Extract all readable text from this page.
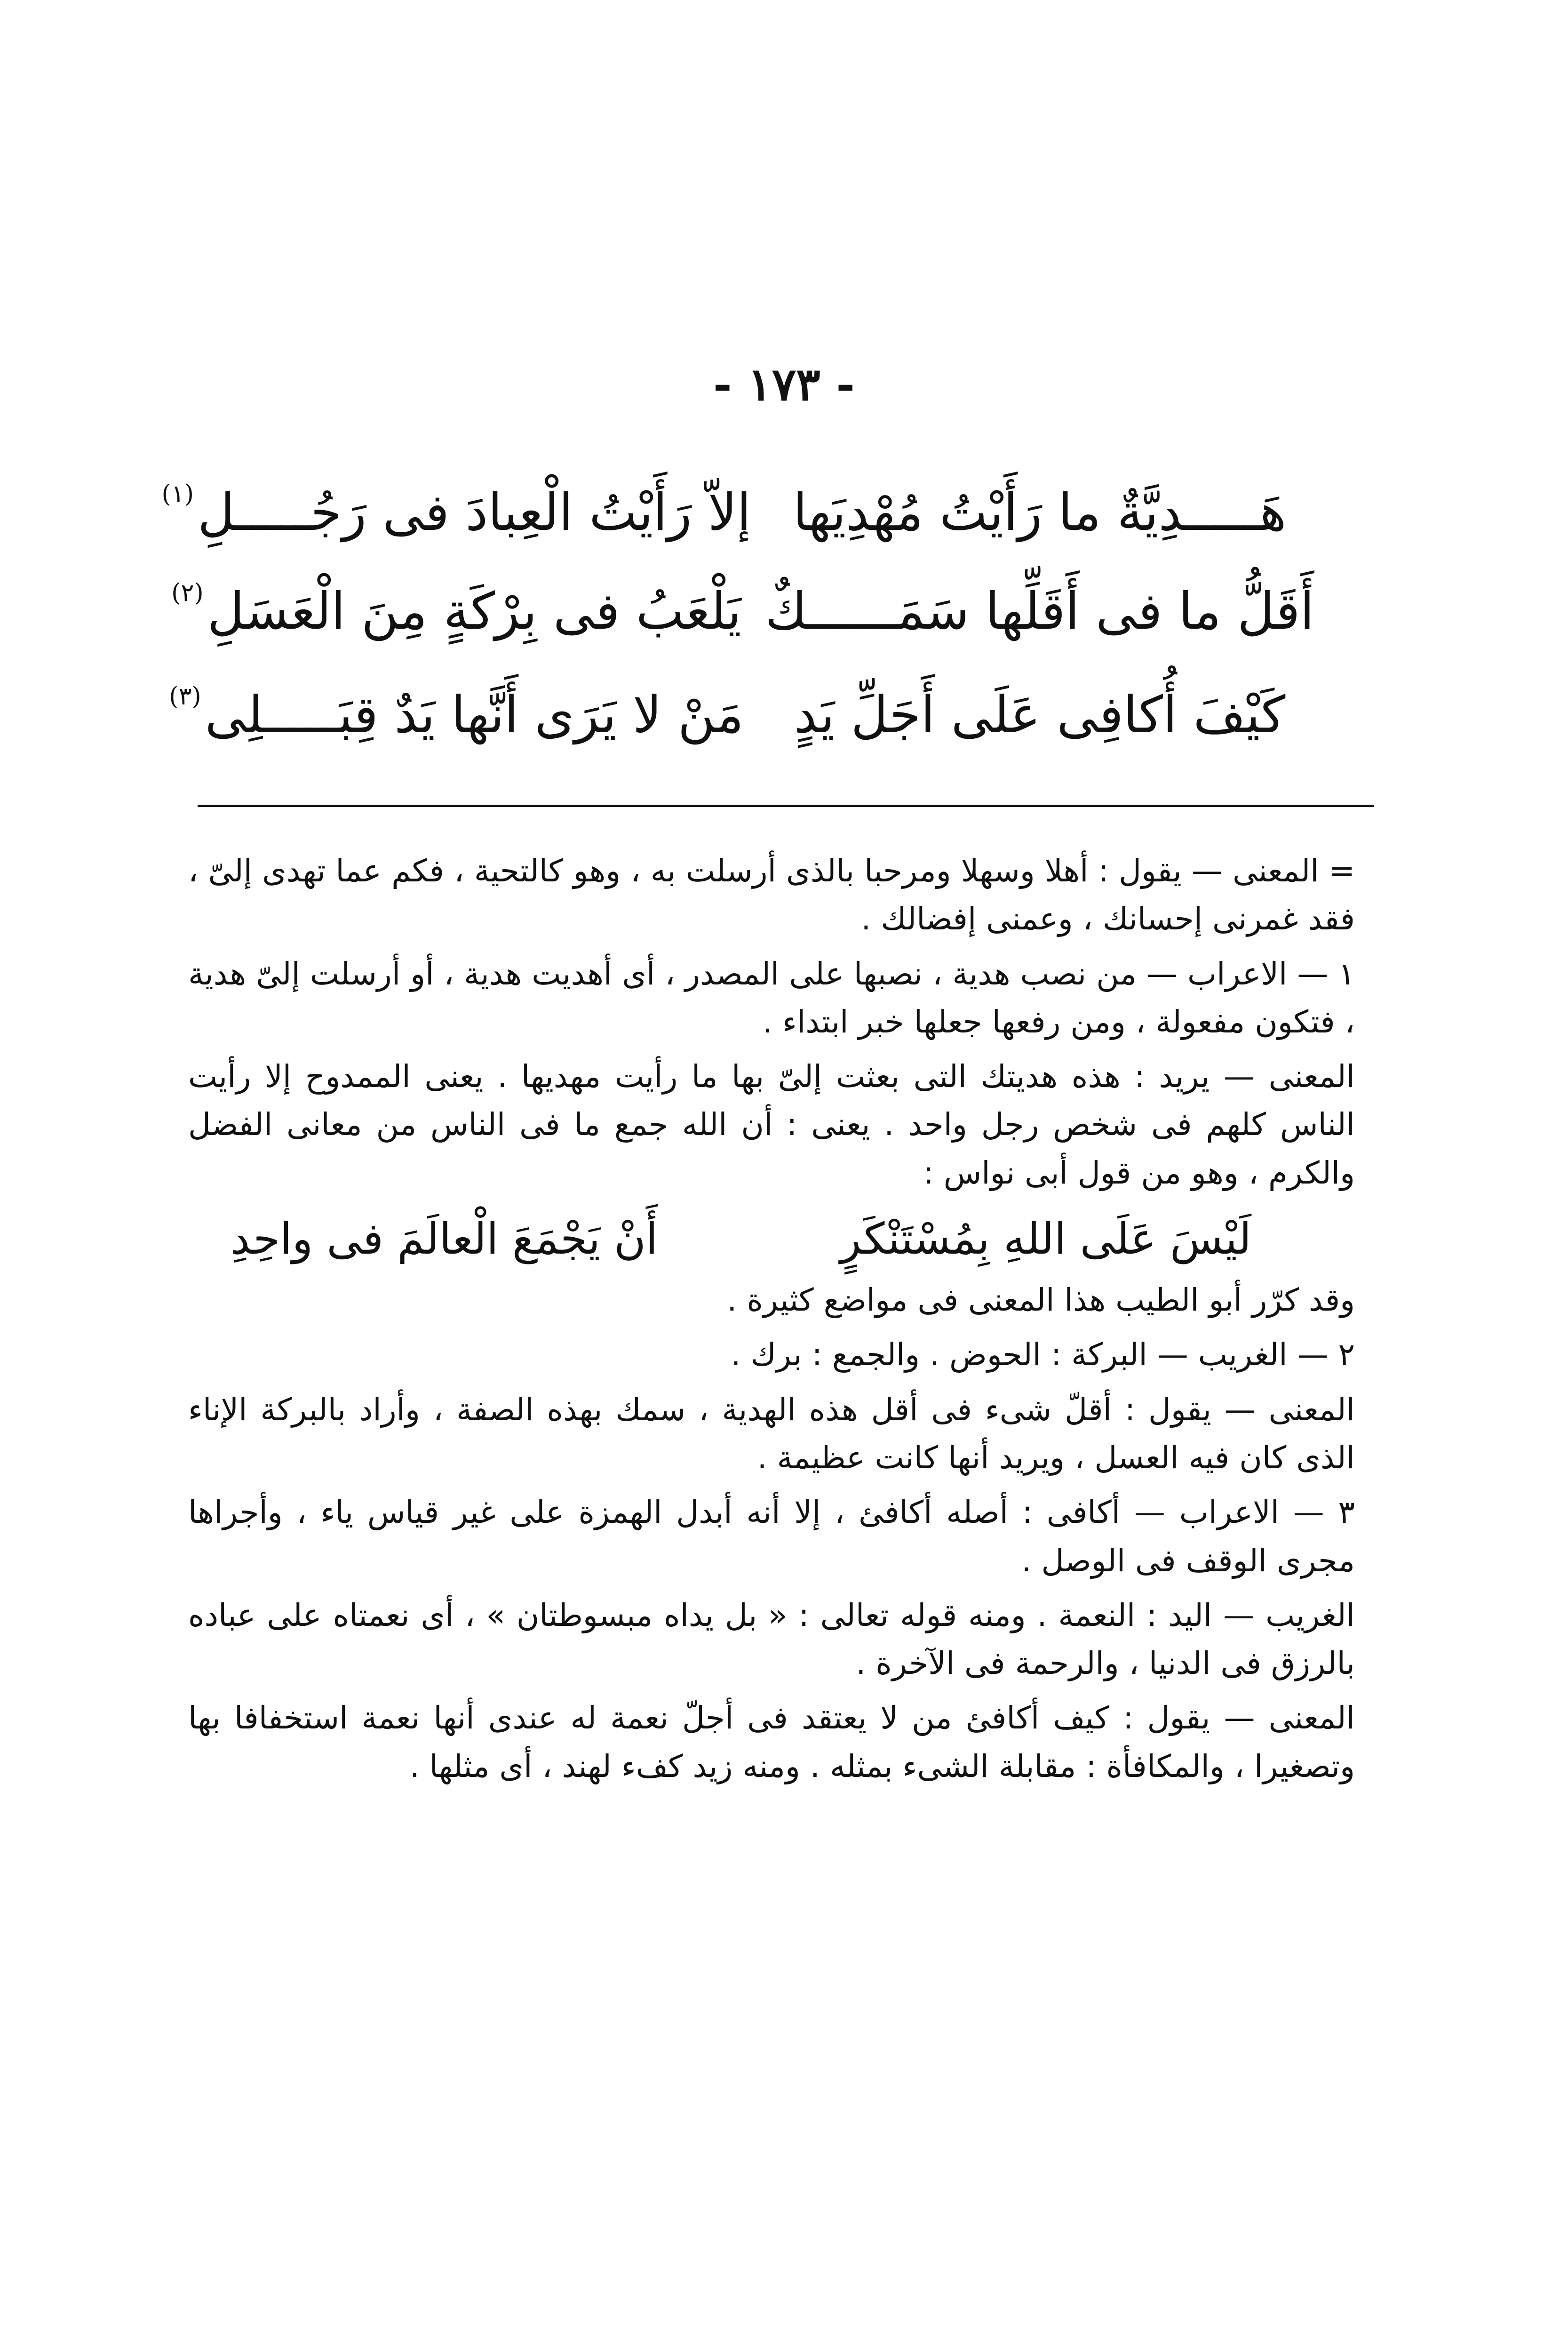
- ١٧٣ -
هَـــــدِيَّةٌ ما رَأَيْتُ مُهْدِيَها
إلاّ رَأَيْتُ الْعِبادَ فى رَجُـــــلِ
(١)
أَقَلُّ ما فى أَقَلِّها سَمَــــــكٌ
يَلْعَبُ فى بِرْكَةٍ مِنَ الْعَسَلِ
(٢)
كَيْفَ أُكافِى عَلَى أَجَلِّ يَدٍ
مَنْ لا يَرَى أَنَّها يَدٌ قِبَـــــلِى
(٣)

= المعنى — يقول : أهلا وسهلا ومرحبا بالذى أرسلت به ، وهو كالتحية ، فكم عما تهدى إلىّ ، فقد غمرنى إحسانك ، وعمنى إفضالك .

١ — الاعراب — من نصب هدية ، نصبها على المصدر ، أى أهديت هدية ، أو أرسلت إلىّ هدية ، فتكون مفعولة ، ومن رفعها جعلها خبر ابتداء .

المعنى — يريد : هذه هديتك التى بعثت إلىّ بها ما رأيت مهديها . يعنى الممدوح إلا رأيت الناس كلهم فى شخص رجل واحد . يعنى : أن الله جمع ما فى الناس من معانى الفضل والكرم ، وهو من قول أبى نواس :

لَيْسَ عَلَى اللهِ بِمُسْتَنْكَرٍ
أَنْ يَجْمَعَ الْعالَمَ فى واحِدِ

وقد كرّر أبو الطيب هذا المعنى فى مواضع كثيرة .

٢ — الغريب — البركة : الحوض . والجمع : برك .

المعنى — يقول : أقلّ شىء فى أقل هذه الهدية ، سمك بهذه الصفة ، وأراد بالبركة الإناء الذى كان فيه العسل ، ويريد أنها كانت عظيمة .

٣ — الاعراب — أكافى : أصله أكافئ ، إلا أنه أبدل الهمزة على غير قياس ياء ، وأجراها مجرى الوقف فى الوصل .

الغريب — اليد : النعمة . ومنه قوله تعالى : « بل يداه مبسوطتان » ، أى نعمتاه على عباده بالرزق فى الدنيا ، والرحمة فى الآخرة .

المعنى — يقول : كيف أكافئ من لا يعتقد فى أجلّ نعمة له عندى أنها نعمة استخفافا بها وتصغيرا ، والمكافأة : مقابلة الشىء بمثله . ومنه زيد كفء لهند ، أى مثلها .
